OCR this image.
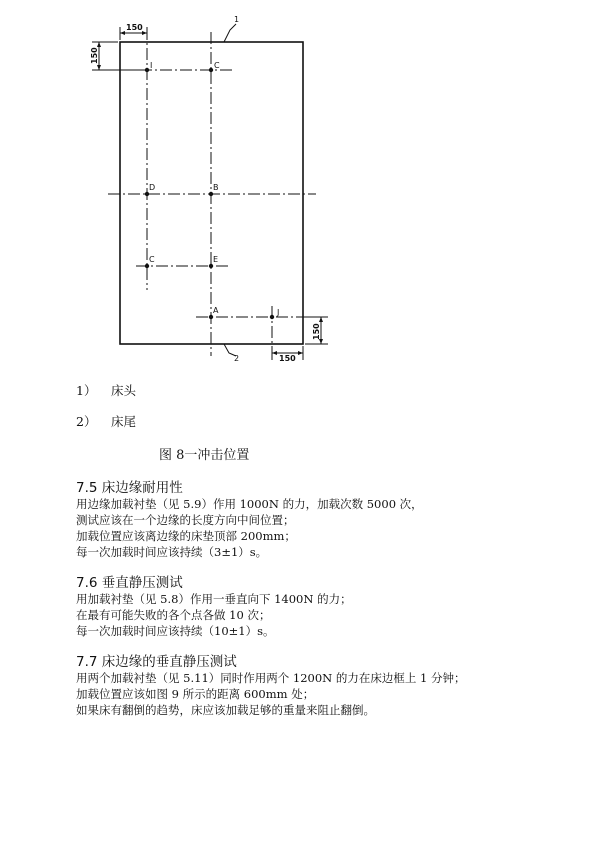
150
150
150
150
1
2
I	C
D	B
C	E
A	J
1） 床头
2） 床尾
图 8一冲击位置
7.5 床边缘耐用性
用边缘加载衬垫（见 5.9）作用 1000N 的力，加载次数 5000 次，
测试应该在一个边缘的长度方向中间位置；
加载位置应该离边缘的床垫顶部 200mm；
每一次加载时间应该持续（3±1）s。
7.6 垂直静压测试
用加载衬垫（见 5.8）作用一垂直向下 1400N 的力；
在最有可能失败的各个点各做 10 次；
每一次加载时间应该持续（10±1）s。
7.7 床边缘的垂直静压测试
用两个加载衬垫（见 5.11）同时作用两个 1200N 的力在床边框上 1 分钟；
加载位置应该如图 9 所示的距离 600mm 处；
如果床有翻倒的趋势，床应该加载足够的重量来阻止翻倒。
